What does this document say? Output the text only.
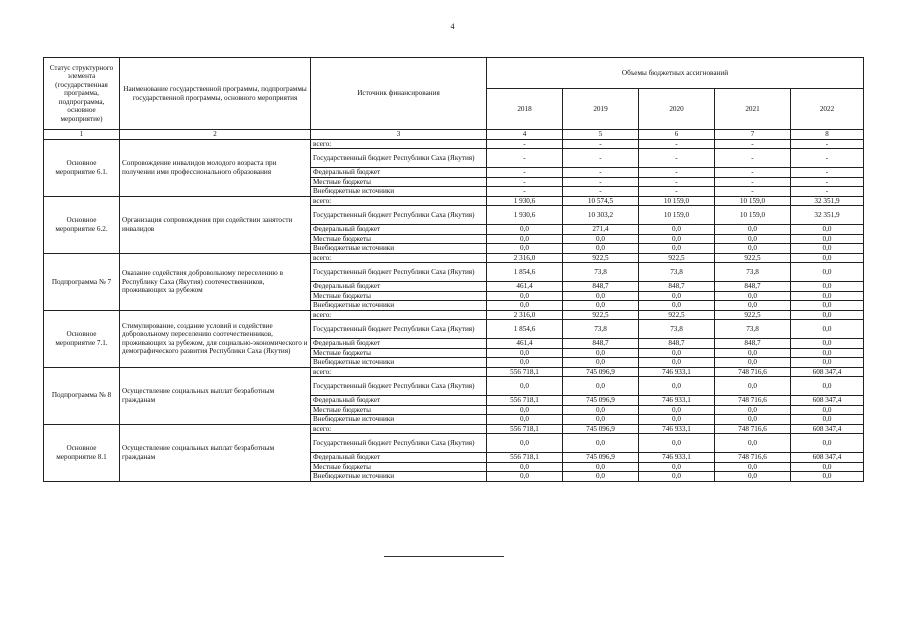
4
Статус структурного элемента (государственная программа, подпрограмма, основное мероприятие)	Наименование государственной программы, подпрограммы государственной программы, основного мероприятия	Источник финансирования	Объемы бюджетных ассигнований				
			2018	2019	2020	2021	2022
1	2	3	4	5	6	7	8
Основное мероприятие 6.1.	Сопровождение инвалидов молодого возраста при получении ими профессионального образования	всего:	-	-	-	-	-
		Государственный бюджет Республики Саха (Якутия)	-	-	-	-	-
		Федеральный бюджет	-	-	-	-	-
		Местные бюджеты	-	-	-	-	-
		Внебюджетные источники	-	-	-	-	-
Основное мероприятие 6.2.	Организация сопровождения при содействии занятости инвалидов	всего:	1 930,6	10 574,5	10 159,0	10 159,0	32 351,9
		Государственный бюджет Республики Саха (Якутия)	1 930,6	10 303,2	10 159,0	10 159,0	32 351,9
		Федеральный бюджет	0,0	271,4	0,0	0,0	0,0
		Местные бюджеты	0,0	0,0	0,0	0,0	0,0
		Внебюджетные источники	0,0	0,0	0,0	0,0	0,0
Подпрограмма № 7	Оказание содействия добровольному переселению в Республику Саха (Якутия) соотечественников, проживающих за рубежом	всего:	2 316,0	922,5	922,5	922,5	0,0
		Государственный бюджет Республики Саха (Якутия)	1 854,6	73,8	73,8	73,8	0,0
		Федеральный бюджет	461,4	848,7	848,7	848,7	0,0
		Местные бюджеты	0,0	0,0	0,0	0,0	0,0
		Внебюджетные источники	0,0	0,0	0,0	0,0	0,0
Основное мероприятие 7.1.	Стимулирование, создание условий и содействие добровольному переселению соотечественников, проживающих за рубежом, для социально-экономического и демографического развития Республики Саха (Якутия)	всего:	2 316,0	922,5	922,5	922,5	0,0
		Государственный бюджет Республики Саха (Якутия)	1 854,6	73,8	73,8	73,8	0,0
		Федеральный бюджет	461,4	848,7	848,7	848,7	0,0
		Местные бюджеты	0,0	0,0	0,0	0,0	0,0
		Внебюджетные источники	0,0	0,0	0,0	0,0	0,0
Подпрограмма № 8	Осуществление социальных выплат безработным гражданам	всего:	556 718,1	745 096,9	746 933,1	748 716,6	608 347,4
		Государственный бюджет Республики Саха (Якутия)	0,0	0,0	0,0	0,0	0,0
		Федеральный бюджет	556 718,1	745 096,9	746 933,1	748 716,6	608 347,4
		Местные бюджеты	0,0	0,0	0,0	0,0	0,0
		Внебюджетные источники	0,0	0,0	0,0	0,0	0,0
Основное мероприятие 8.1	Осуществление социальных выплат безработным гражданам	всего:	556 718,1	745 096,9	746 933,1	748 716,6	608 347,4
		Государственный бюджет Республики Саха (Якутия)	0,0	0,0	0,0	0,0	0,0
		Федеральный бюджет	556 718,1	745 096,9	746 933,1	748 716,6	608 347,4
		Местные бюджеты	0,0	0,0	0,0	0,0	0,0
		Внебюджетные источники	0,0	0,0	0,0	0,0	0,0
